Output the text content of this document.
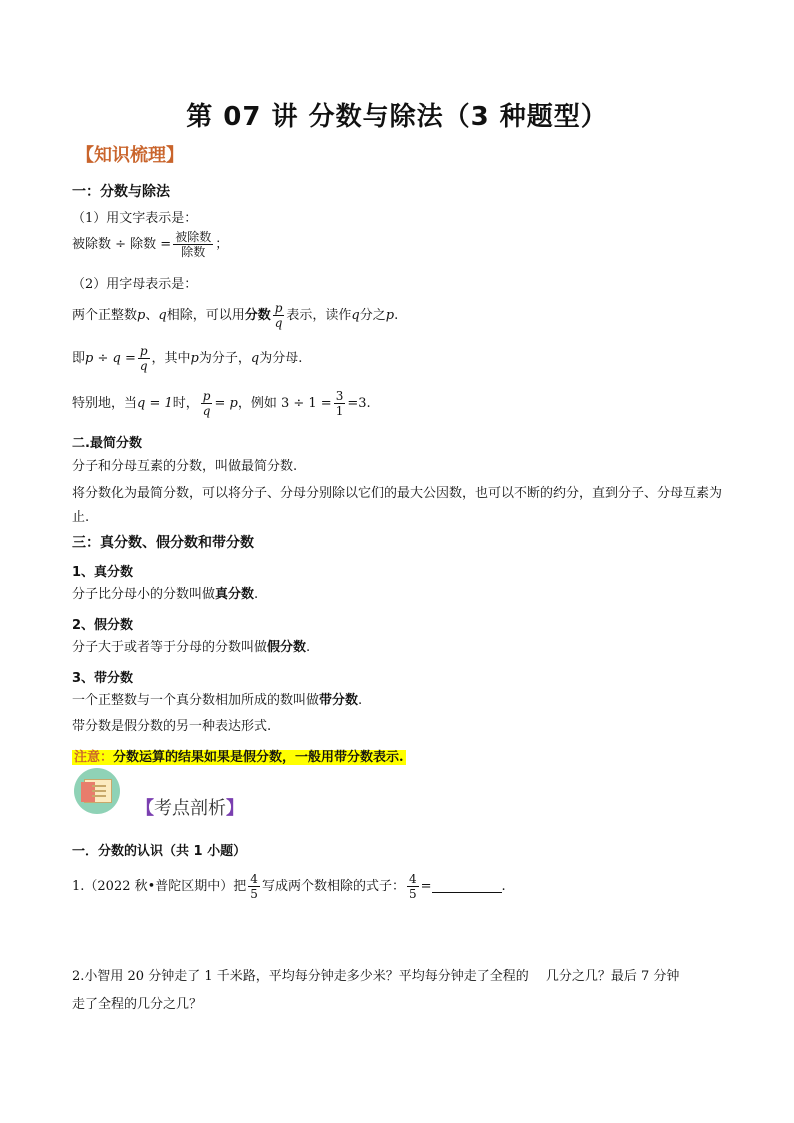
第 07 讲 分数与除法（3 种题型）
【知识梳理】
一：分数与除法
（1）用文字表示是：
被除数 ÷ 除数 = $\frac{\text{被除数}}{\text{除数}}$ ；
（2）用字母表示是：
两个正整数 p 、 q 相除，可以用 分数 $\frac{p}{q}$ 表示，读作 q 分之 p .
即 $p \div q = \frac{p}{q}$ ，其中 p 为分子， q 为分母.
特别地，当 q = 1 时， $\frac{p}{q} = p$ ，例如 $3 \div 1 = \frac{3}{1} =3$.
二.最简分数
分子和分母互素的分数，叫做最简分数.
将分数化为最简分数，可以将分子、分母分别除以它们的最大公因数，也可以不断的约分，直到分子、分母互素为止.
三：真分数、假分数和带分数
1、真分数
分子比分母小的分数叫做真分数.
2、假分数
分子大于或者等于分母的分数叫做假分数.
3、带分数
一个正整数与一个真分数相加所成的数叫做带分数.
带分数是假分数的另一种表达形式.
注意：分数运算的结果如果是假分数，一般用带分数表示.
【考点剖析】
一．分数的认识（共 1 小题）
1.（2022 秋•普陀区期中）把 $\frac{4}{5}$ 写成两个数相除的式子： $\frac{4}{5}$ =	.
2.小智用 20 分钟走了 1 千米路，平均每分钟走多少米？平均每分钟走了全程的　 几分之几？最后 7 分钟
走了全程的几分之几？
